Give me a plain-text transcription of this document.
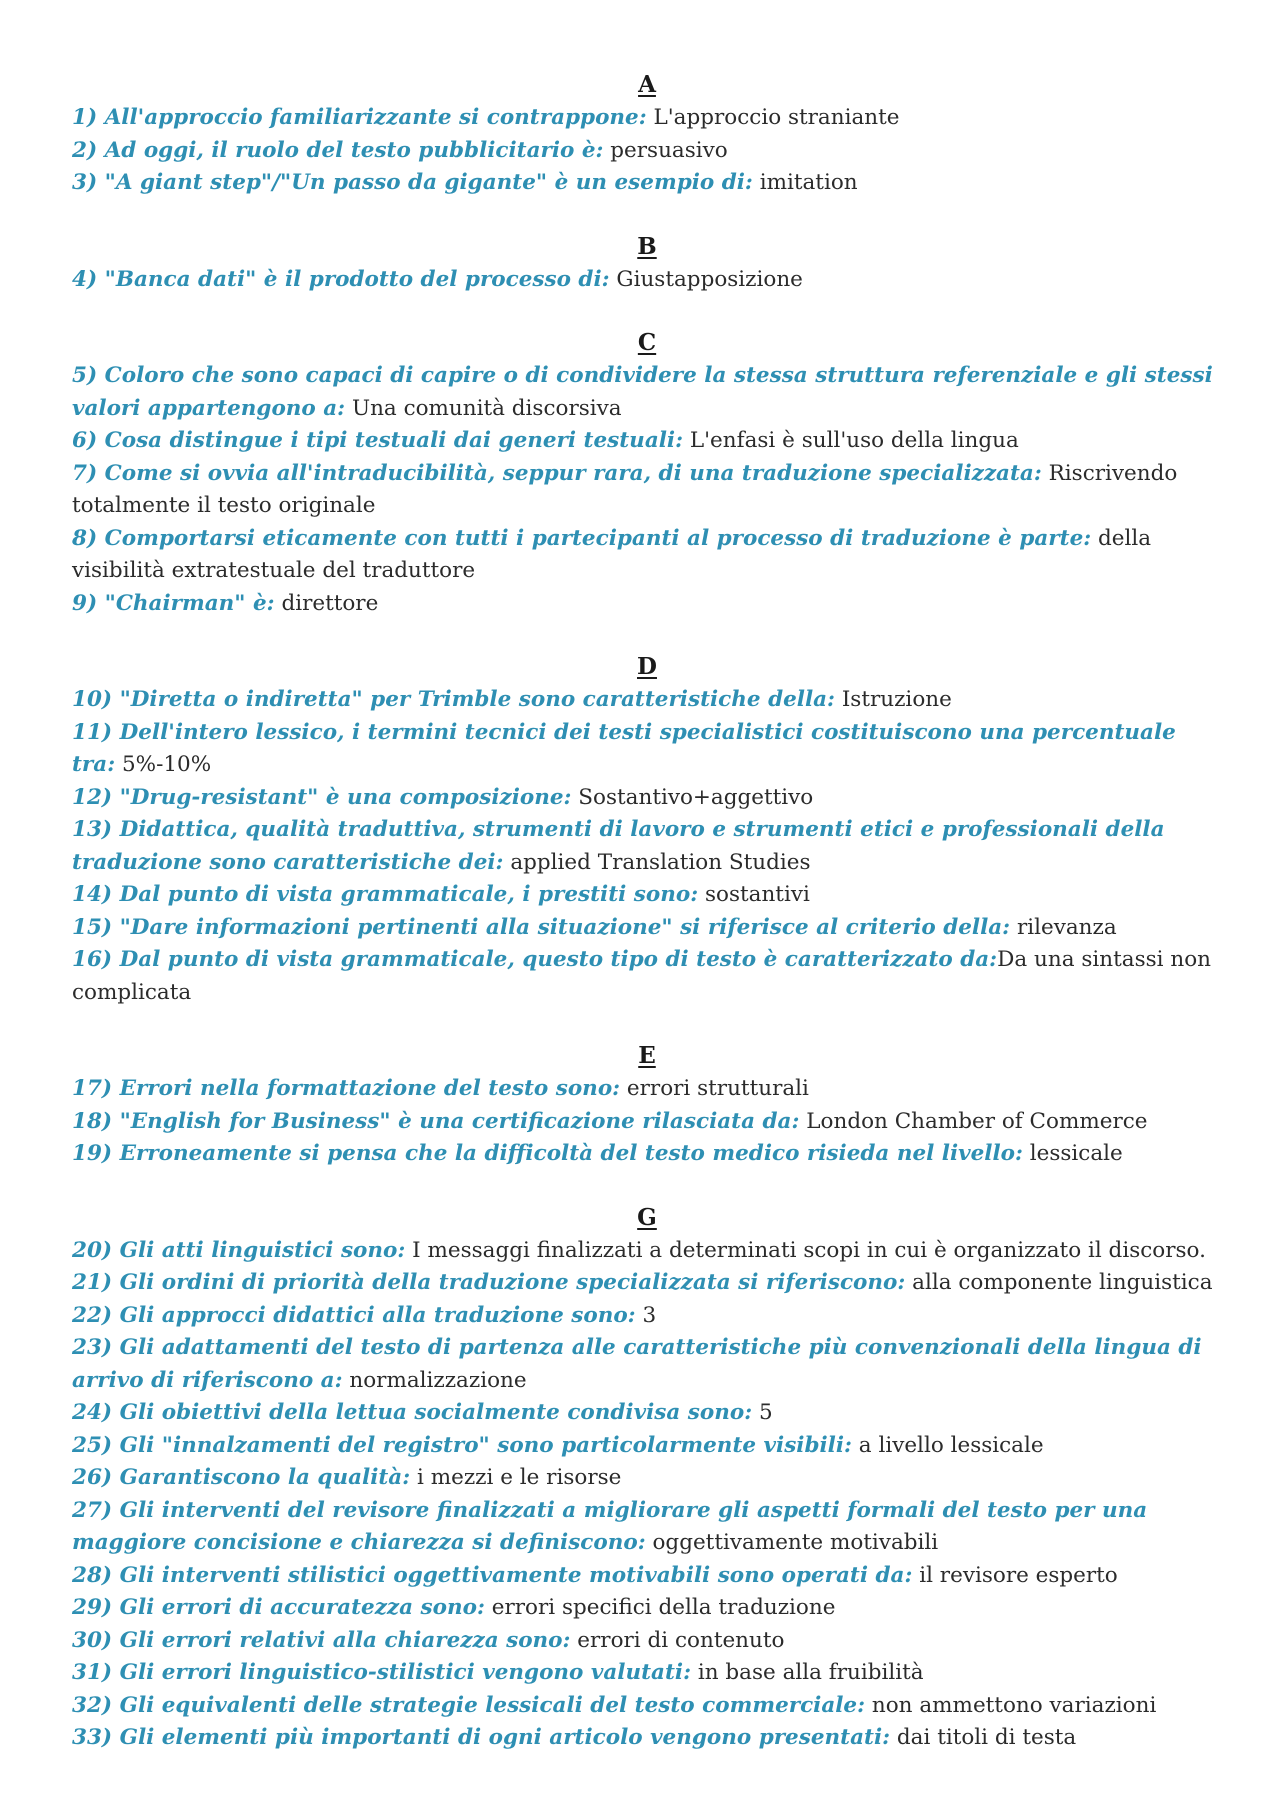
A

1) All'approccio familiarizzante si contrappone: L'approccio straniante

2) Ad oggi, il ruolo del testo pubblicitario è: persuasivo

3) "A giant step"/"Un passo da gigante" è un esempio di: imitation

B

4) "Banca dati" è il prodotto del processo di: Giustapposizione

C

5) Coloro che sono capaci di capire o di condividere la stessa struttura referenziale e gli stessi valori appartengono a: Una comunità discorsiva

6) Cosa distingue i tipi testuali dai generi testuali: L'enfasi è sull'uso della lingua

7) Come si ovvia all'intraducibilità, seppur rara, di una traduzione specializzata: Riscrivendo totalmente il testo originale

8) Comportarsi eticamente con tutti i partecipanti al processo di traduzione è parte: della visibilità extratestuale del traduttore

9) "Chairman" è: direttore

D

10) "Diretta o indiretta" per Trimble sono caratteristiche della: Istruzione

11) Dell'intero lessico, i termini tecnici dei testi specialistici costituiscono una percentuale tra: 5%-10%

12) "Drug-resistant" è una composizione: Sostantivo+aggettivo

13) Didattica, qualità traduttiva, strumenti di lavoro e strumenti etici e professionali della traduzione sono caratteristiche dei: applied Translation Studies

14) Dal punto di vista grammaticale, i prestiti sono: sostantivi

15) "Dare informazioni pertinenti alla situazione" si riferisce al criterio della: rilevanza

16) Dal punto di vista grammaticale, questo tipo di testo è caratterizzato da:Da una sintassi non complicata

E

17) Errori nella formattazione del testo sono: errori strutturali

18) "English for Business" è una certificazione rilasciata da: London Chamber of Commerce

19) Erroneamente si pensa che la difficoltà del testo medico risieda nel livello: lessicale

G

20) Gli atti linguistici sono: I messaggi finalizzati a determinati scopi in cui è organizzato il discorso.

21) Gli ordini di priorità della traduzione specializzata si riferiscono: alla componente linguistica

22) Gli approcci didattici alla traduzione sono: 3

23) Gli adattamenti del testo di partenza alle caratteristiche più convenzionali della lingua di arrivo di riferiscono a: normalizzazione

24) Gli obiettivi della lettua socialmente condivisa sono: 5

25) Gli "innalzamenti del registro" sono particolarmente visibili: a livello lessicale

26) Garantiscono la qualità: i mezzi e le risorse

27) Gli interventi del revisore finalizzati a migliorare gli aspetti formali del testo per una maggiore concisione e chiarezza si definiscono: oggettivamente motivabili

28) Gli interventi stilistici oggettivamente motivabili sono operati da: il revisore esperto

29) Gli errori di accuratezza sono: errori specifici della traduzione

30) Gli errori relativi alla chiarezza sono: errori di contenuto

31) Gli errori linguistico-stilistici vengono valutati: in base alla fruibilità

32) Gli equivalenti delle strategie lessicali del testo commerciale: non ammettono variazioni

33) Gli elementi più importanti di ogni articolo vengono presentati: dai titoli di testa
